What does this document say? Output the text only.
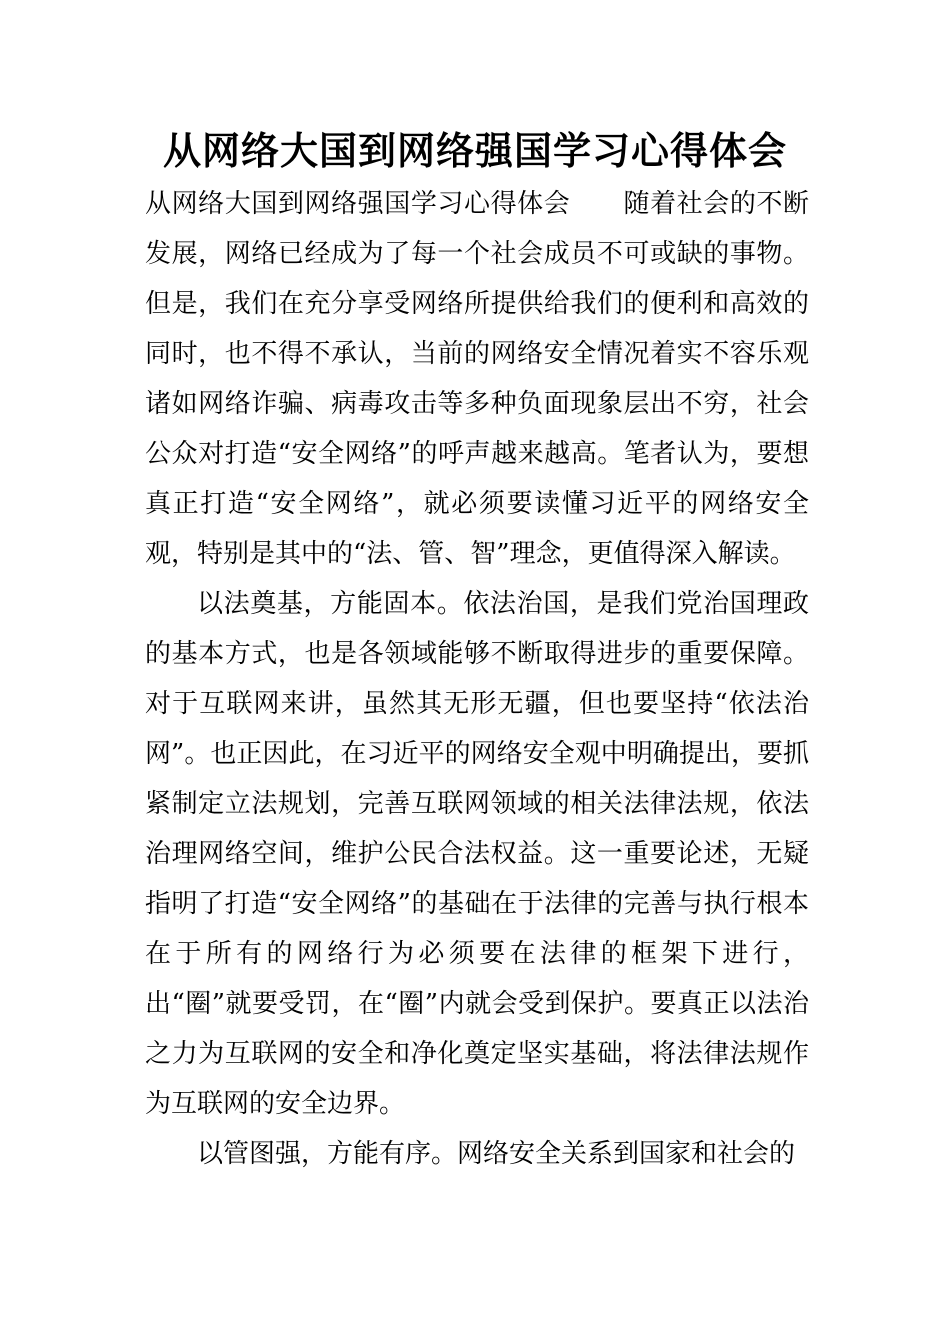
从网络大国到网络强国学习心得体会

从网络大国到网络强国学习心得体会　　随着社会的不断发展，网络已经成为了每一个社会成员不可或缺的事物。但是，我们在充分享受网络所提供给我们的便利和高效的同时，也不得不承认，当前的网络安全情况着实不容乐观诸如网络诈骗、病毒攻击等多种负面现象层出不穷，社会公众对打造“安全网络”的呼声越来越高。笔者认为，要想真正打造“安全网络”，就必须要读懂习近平的网络安全观，特别是其中的“法、管、智”理念，更值得深入解读。

以法奠基，方能固本。依法治国，是我们党治国理政的基本方式，也是各领域能够不断取得进步的重要保障。对于互联网来讲，虽然其无形无疆，但也要坚持“依法治网”。也正因此，在习近平的网络安全观中明确提出，要抓紧制定立法规划，完善互联网领域的相关法律法规，依法治理网络空间，维护公民合法权益。这一重要论述，无疑指明了打造“安全网络”的基础在于法律的完善与执行根本在于所有的网络行为必须要在法律的框架下进行，出“圈”就要受罚，在“圈”内就会受到保护。要真正以法治之力为互联网的安全和净化奠定坚实基础，将法律法规作为互联网的安全边界。

以管图强，方能有序。网络安全关系到国家和社会的
